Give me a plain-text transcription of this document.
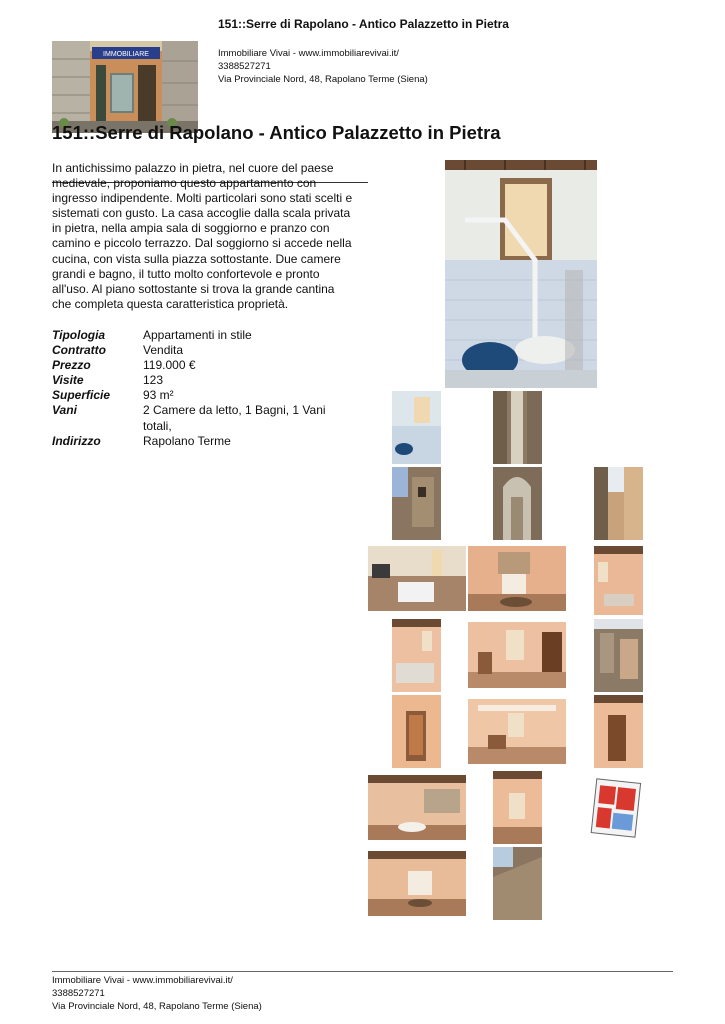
151::Serre di Rapolano - Antico Palazzetto in Pietra
Immobiliare Vivai - www.immobiliarevivai.it/
3388527271
Via Provinciale Nord, 48, Rapolano Terme (Siena)
IMMOBILIARE
151::Serre di Rapolano - Antico Palazzetto in Pietra
In antichissimo palazzo in pietra, nel cuore del paese medievale, proponiamo questo appartamento con ingresso indipendente. Molti particolari sono stati scelti e sistemati con gusto. La casa accoglie dalla scala privata in pietra, nella ampia sala di soggiorno e pranzo con camino e piccolo terrazzo. Dal soggiorno si accede nella cucina, con vista sulla piazza sottostante. Due camere grandi e bagno, il tutto molto confortevole e pronto all'uso. Al piano sottostante si trova la grande cantina che completa questa caratteristica proprietà.
Tipologia	Appartamenti in stile
Contratto	Vendita
Prezzo	119.000 €
Visite	123
Superficie	93 m²
Vani	2 Camere da letto, 1 Bagni, 1 Vani totali,
Indirizzo	Rapolano Terme
Immobiliare Vivai - www.immobiliarevivai.it/
3388527271
Via Provinciale Nord, 48, Rapolano Terme (Siena)
